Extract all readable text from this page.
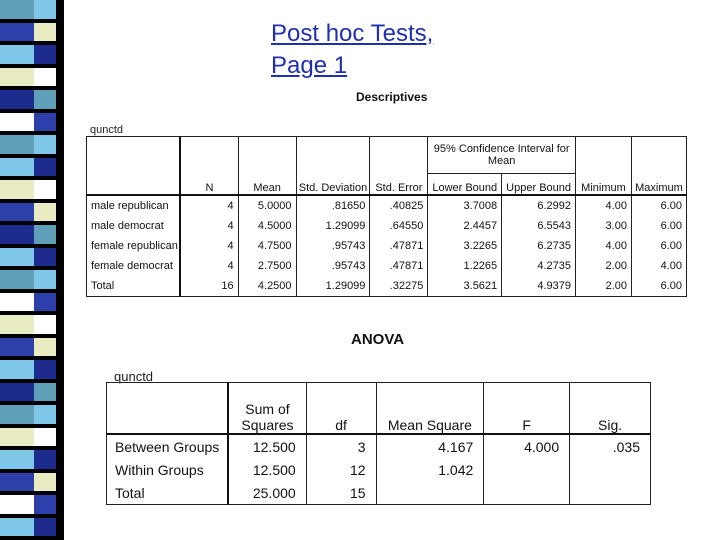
Post hoc Tests,
Page 1
Descriptives
qunctd
	N	Mean	Std. Deviation	Std. Error	95% Confidence Interval for Mean		Minimum	Maximum
					Lower Bound	Upper Bound		
male republican	4	5.0000	.81650	.40825	3.7008	6.2992	4.00	6.00
male democrat	4	4.5000	1.29099	.64550	2.4457	6.5543	3.00	6.00
female republican	4	4.7500	.95743	.47871	3.2265	6.2735	4.00	6.00
female democrat	4	2.7500	.95743	.47871	1.2265	4.2735	2.00	4.00
Total	16	4.2500	1.29099	.32275	3.5621	4.9379	2.00	6.00
ANOVA
qunctd
	Sum of Squares	df	Mean Square	F	Sig.
Between Groups	12.500	3	4.167	4.000	.035
Within Groups	12.500	12	1.042		
Total	25.000	15			
